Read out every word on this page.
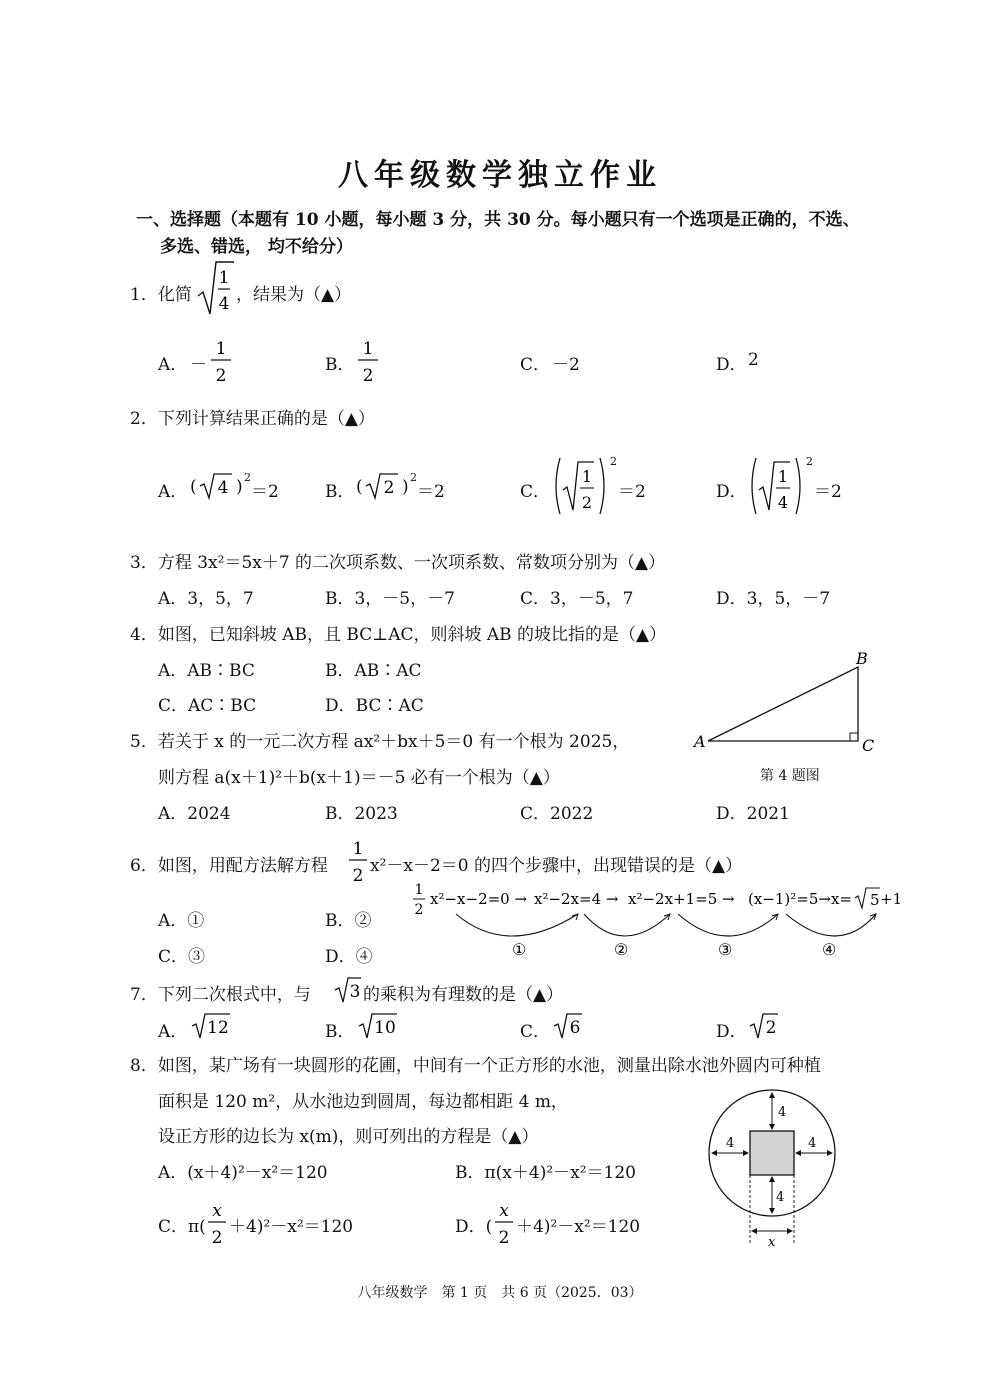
八年级数学独立作业
一、选择题（本题有 10 小题，每小题 3 分，共 30 分。每小题只有一个选项是正确的，不选、
多选、错选， 均不给分）
1．化简
1
4 ，结果为（▲）
A． －
1
2
B．
1
2
C． －2	D． 2
2．下列计算结果正确的是（▲）
A． ( 4 ) 2
＝2	B． ( 2 ) 2
＝2	C．
1
2
2
＝2	D．
1
4
2
＝2
3．方程 3x²＝5x＋7 的二次项系数、一次项系数、常数项分别为（▲）
A．3，5，7	B．3，－5，－7	C．3，－5，7	D．3，5，－7
4．如图，已知斜坡 AB，且 BC⊥AC，则斜坡 AB 的坡比指的是（▲）
A．AB∶BC	B．AB∶AC
C．AC∶BC	D．BC∶AC
A
B
C
第 4 题图
5．若关于 x 的一元二次方程 ax²＋bx＋5＝0 有一个根为 2025，
则方程 a(x＋1)²＋b(x＋1)＝－5 必有一个根为（▲）
A．2024	B．2023	C．2022	D．2021
6．如图，用配方法解方程
1
2 x²－x－2＝0 的四个步骤中，出现错误的是（▲）
A．①	B．②
C．③	D．④
1
2
x²−x−2=0 → x²−2x=4 → x²−2x+1=5 → (x−1)²=5→x= 5 +1
①	②	③	④
7．下列二次根式中，与 3 的乘积为有理数的是（▲）
A． 12	B． 10	C． 6	D． 2
8．如图，某广场有一块圆形的花圃，中间有一个正方形的水池，测量出除水池外圆内可种植
面积是 120 m²，从水池边到圆周，每边都相距 4 m，
设正方形的边长为 x(m)，则可列出的方程是（▲）
A．(x＋4)²－x²＝120	B．π(x＋4)²－x²＝120
C．π(
x
2
＋4)²－x²＝120	D．(
x
2
＋4)²－x²＝120
4
4	4
4
x
八年级数学　第 1 页　共 6 页（2025．03）
